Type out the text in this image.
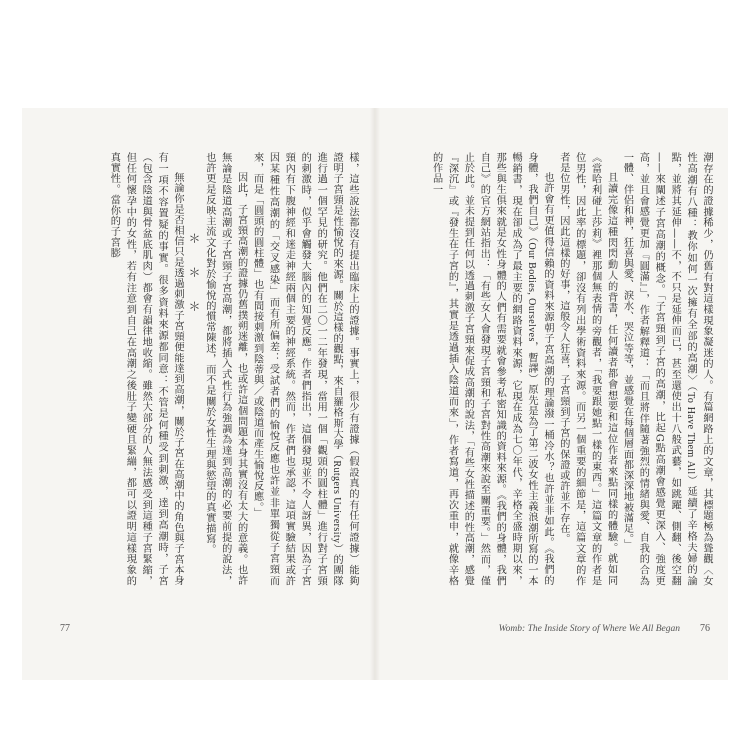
樣，這些說法都沒有提出臨床上的證據。事實上，很少有證據（假設真的有任何證據）能夠證明子宮頸是性愉悅的來源。關於這樣的觀點，來自羅格斯大學（Rutgers University）的團隊進行過一個罕見的研究。他們在二〇一二年發現，當用一個「觀頭的圓柱體」進行對子宮頸的刺激時，似乎會觸發大腦內的知覺反應。作者們指出，這個發現並不令人訝異，因為子宮頸內有下腹神經和迷走神經兩個主要的神經系統。然而，作者們也承認，這項實驗結果或許因某種性高潮的「交叉感染」而有所偏差：受試者們的愉悅反應也許並非單獨從子宮頸而來，而是「圓頭的圓柱體」也有間接刺激到陰蒂與／或陰道而產生愉悅反應。」

因此，子宮頸高潮的證據仍舊撲朔迷離，也或許這個問題本身其實沒有太大的意義。也許無論是陰道高潮或子宮頸子宮高潮，都將插入式性行為強調為達到高潮的必要前提的說法，也許更是反映主流文化對於愉悅的慣常陳述，而不是關於女性生理與慾望的真實描寫。

＊＊＊

無論你是否相信只是透過刺激子宮頸便能達到高潮，關於子宮在高潮中的角色與子宮本身有一項不容置疑的事實。很多資料來源都同意：不管是何種受到刺激，達到高潮時，子宮（包含陰道與骨盆底肌肉）都會有韻律地收縮。雖然大部分的人無法感受到這種子宮緊縮，但任何懷孕中的女性，若有注意到自己在高潮之後肚子變硬且緊繃，都可以證明這樣現象的真實性。當你的子宮膨

77

潮存在的證據稀少，仍舊有對這樣現象凝迷的人。有篇網路上的文章，其標題極為聳觀〈女性高潮有八種：教你如何一次擁有全部的高潮〉（To Have Them All）延續了辛格夫婦的論點，並將其延伸——不，不只是延伸而已，甚至還使出十八般武藝，如跳躍、側翻、後空翻——來闡述子宮高潮的概念。「子宮頸到子宮的高潮，比起G點高潮會感覺更深入、強度更高，並且會感覺更加『圓滿』」，作者解釋道：「而且將伴隨著強烈的情緒與愛、自我的合為一體、伴侶和神，狂喜與愛、淚水、哭泣等等，並感覺在每個層面都深深地被滿足。」

且讀完像這種閃閃動人的背書，任何讀者都會想要和這位作者來點同樣的體驗。就如同《當哈利碰上莎莉》裡那個無表情的旁觀者，「我要跟她點一樣的東西。」這篇文章的作者是位男性，因此率的標題，卻沒有列出學術資料來源。而另一個重要的細節是，這篇文章的作者是位男性，因此這樣的好事，這般令人狂喜，子宮頸到子宮的保證或許並不存在。

也許會有更值得信賴的資料來源朝子宮高潮的理論潑一桶冷水？也許並非如此。《我們的身體，我們自己》（Our Bodies, Ourselves，暫譯）原先是為了第二波女性主義浪潮所寫的一本暢銷書，現在卻成為了最主要的網路資料來源，它現在成為七〇年代，辛格全盛時期以來，那些與生俱來就是女性身體的人們有需要就會參考私密知識的資料來源。《我們的身體，我們自己》的官方網站指出：「有些女人會發現子宮頸和子宮對性高潮來說至關重要。」然而，僅止於此。並未提到任何以透過刺激子宮頸來促成高潮的說法，「有些女性描述的性高潮，感覺『深沉』或『發生在子宮的』，其實是透過插入陰道而來」，作者寫道，再次重申，就像辛格的作品一

Womb: The Inside Story of Where We All Began 76
